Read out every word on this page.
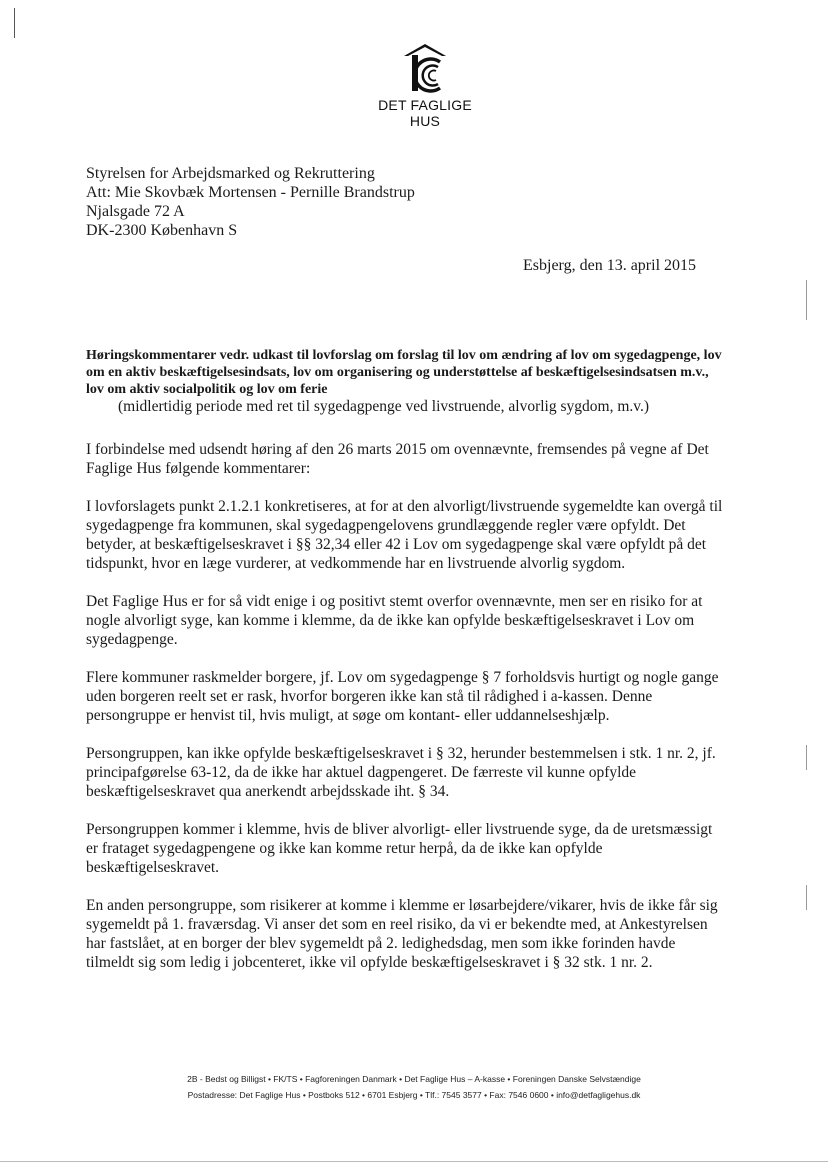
DET FAGLIGE HUS
Styrelsen for Arbejdsmarked og Rekruttering
Att: Mie Skovbæk Mortensen - Pernille Brandstrup
Njalsgade 72 A
DK-2300 København S
Esbjerg, den 13. april 2015
Høringskommentarer vedr. udkast til lovforslag om forslag til lov om ændring af lov om sygedagpenge, lov om en aktiv beskæftigelsesindsats, lov om organisering og understøttelse af beskæftigelsesindsatsen m.v., lov om aktiv socialpolitik og lov om ferie
(midlertidig periode med ret til sygedagpenge ved livstruende, alvorlig sygdom, m.v.)

I forbindelse med udsendt høring af den 26 marts 2015 om ovennævnte, fremsendes på vegne af Det Faglige Hus følgende kommentarer:

I lovforslagets punkt 2.1.2.1 konkretiseres, at for at den alvorligt/livstruende sygemeldte kan overgå til sygedagpenge fra kommunen, skal sygedagpengelovens grundlæggende regler være opfyldt. Det betyder, at beskæftigelseskravet i §§ 32,34 eller 42 i Lov om sygedagpenge skal være opfyldt på det tidspunkt, hvor en læge vurderer, at vedkommende har en livstruende alvorlig sygdom.

Det Faglige Hus er for så vidt enige i og positivt stemt overfor ovennævnte, men ser en risiko for at nogle alvorligt syge, kan komme i klemme, da de ikke kan opfylde beskæftigelseskravet i Lov om sygedagpenge.

Flere kommuner raskmelder borgere, jf. Lov om sygedagpenge § 7 forholdsvis hurtigt og nogle gange uden borgeren reelt set er rask, hvorfor borgeren ikke kan stå til rådighed i a-kassen. Denne persongruppe er henvist til, hvis muligt, at søge om kontant- eller uddannelseshjælp.

Persongruppen, kan ikke opfylde beskæftigelseskravet i § 32, herunder bestemmelsen i stk. 1 nr. 2, jf. principafgørelse 63-12, da de ikke har aktuel dagpengeret. De færreste vil kunne opfylde beskæftigelseskravet qua anerkendt arbejdsskade iht. § 34.

Persongruppen kommer i klemme, hvis de bliver alvorligt- eller livstruende syge, da de uretsmæssigt er frataget sygedagpengene og ikke kan komme retur herpå, da de ikke kan opfylde beskæftigelseskravet.

En anden persongruppe, som risikerer at komme i klemme er løsarbejdere/vikarer, hvis de ikke får sig sygemeldt på 1. fraværsdag. Vi anser det som en reel risiko, da vi er bekendte med, at Ankestyrelsen har fastslået, at en borger der blev sygemeldt på 2. ledighedsdag, men som ikke forinden havde tilmeldt sig som ledig i jobcenteret, ikke vil opfylde beskæftigelseskravet i § 32 stk. 1 nr. 2.

2B - Bedst og Billigst • FK/TS • Fagforeningen Danmark • Det Faglige Hus – A-kasse • Foreningen Danske Selvstændige
Postadresse: Det Faglige Hus • Postboks 512 • 6701 Esbjerg • Tlf.: 7545 3577 • Fax: 7546 0600 • info@detfagligehus.dk
